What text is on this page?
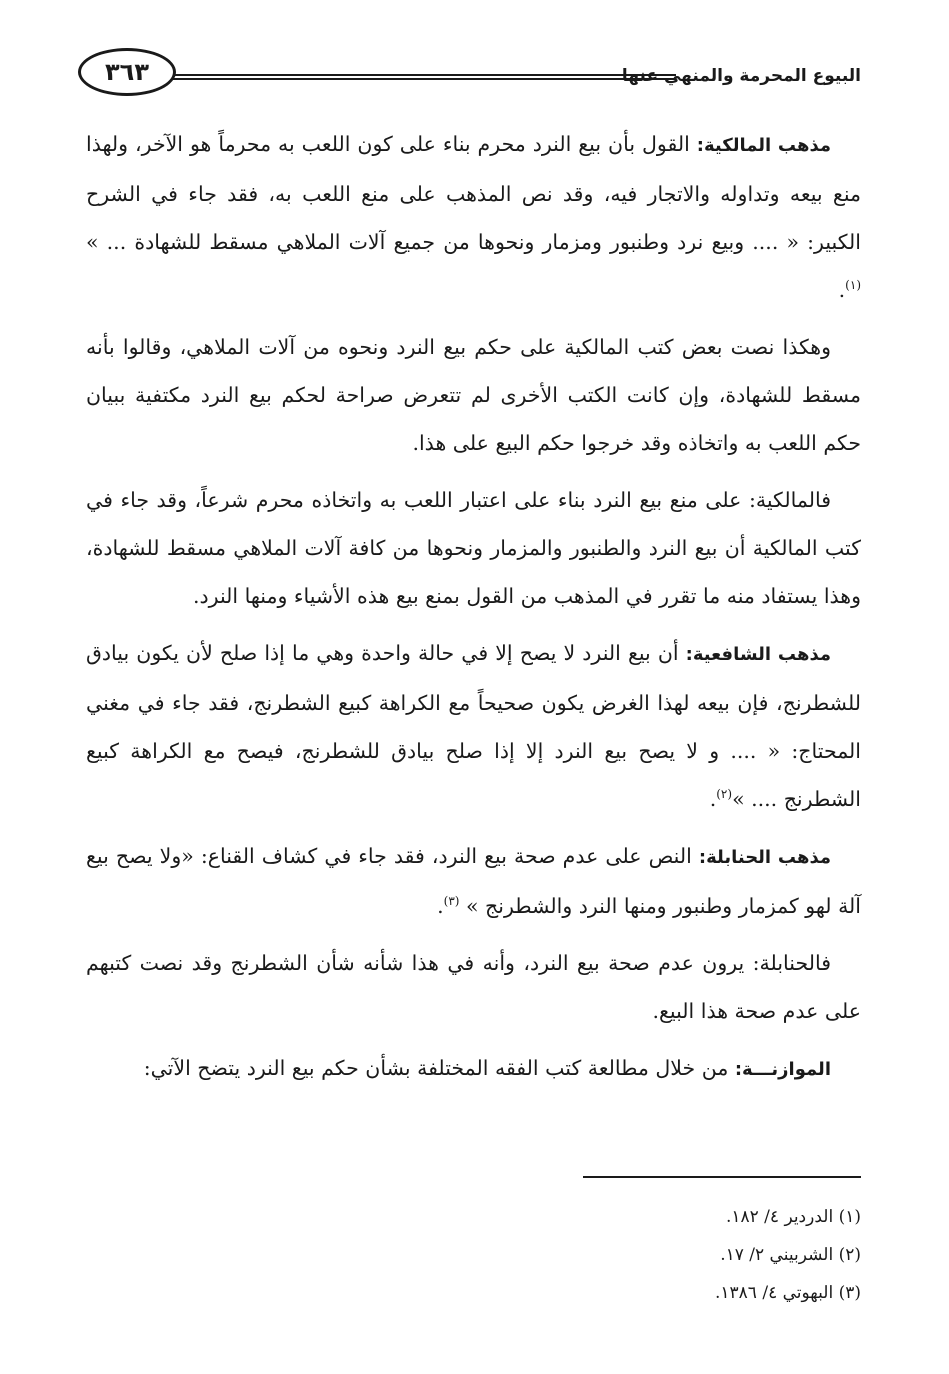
البيوع المحرمة والمنهي عنها
٣٦٣

مذهب المالكية: القول بأن بيع النرد محرم بناء على كون اللعب به محرماً هو الآخر، ولهذا منع بيعه وتداوله والاتجار فيه، وقد نص المذهب على منع اللعب به، فقد جاء في الشرح الكبير: « .... وبيع نرد وطنبور ومزمار ونحوها من جميع آلات الملاهي مسقط للشهادة ... » $^{(١)}$.

وهكذا نصت بعض كتب المالكية على حكم بيع النرد ونحوه من آلات الملاهي، وقالوا بأنه مسقط للشهادة، وإن كانت الكتب الأخرى لم تتعرض صراحة لحكم بيع النرد مكتفية ببيان حكم اللعب به واتخاذه وقد خرجوا حكم البيع على هذا.

فالمالكية: على منع بيع النرد بناء على اعتبار اللعب به واتخاذه محرم شرعاً، وقد جاء في كتب المالكية أن بيع النرد والطنبور والمزمار ونحوها من كافة آلات الملاهي مسقط للشهادة، وهذا يستفاد منه ما تقرر في المذهب من القول بمنع بيع هذه الأشياء ومنها النرد.

مذهب الشافعية: أن بيع النرد لا يصح إلا في حالة واحدة وهي ما إذا صلح لأن يكون بيادق للشطرنج، فإن بيعه لهذا الغرض يكون صحيحاً مع الكراهة كبيع الشطرنج، فقد جاء في مغني المحتاج: « .... و لا يصح بيع النرد إلا إذا صلح بيادق للشطرنج، فيصح مع الكراهة كبيع الشطرنج .... »$^{(٢)}$.

مذهب الحنابلة: النص على عدم صحة بيع النرد، فقد جاء في كشاف القناع: «ولا يصح بيع آلة لهو كمزمار وطنبور ومنها النرد والشطرنج » $^{(٣)}$.

فالحنابلة: يرون عدم صحة بيع النرد، وأنه في هذا شأنه شأن الشطرنج وقد نصت كتبهم على عدم صحة هذا البيع.

الموازنـــة: من خلال مطالعة كتب الفقه المختلفة بشأن حكم بيع النرد يتضح الآتي:

(١) الدردير ٤/ ١٨٢.
(٢) الشربيني ٢/ ١٧.
(٣) البهوتي ٤/ ١٣٨٦.
